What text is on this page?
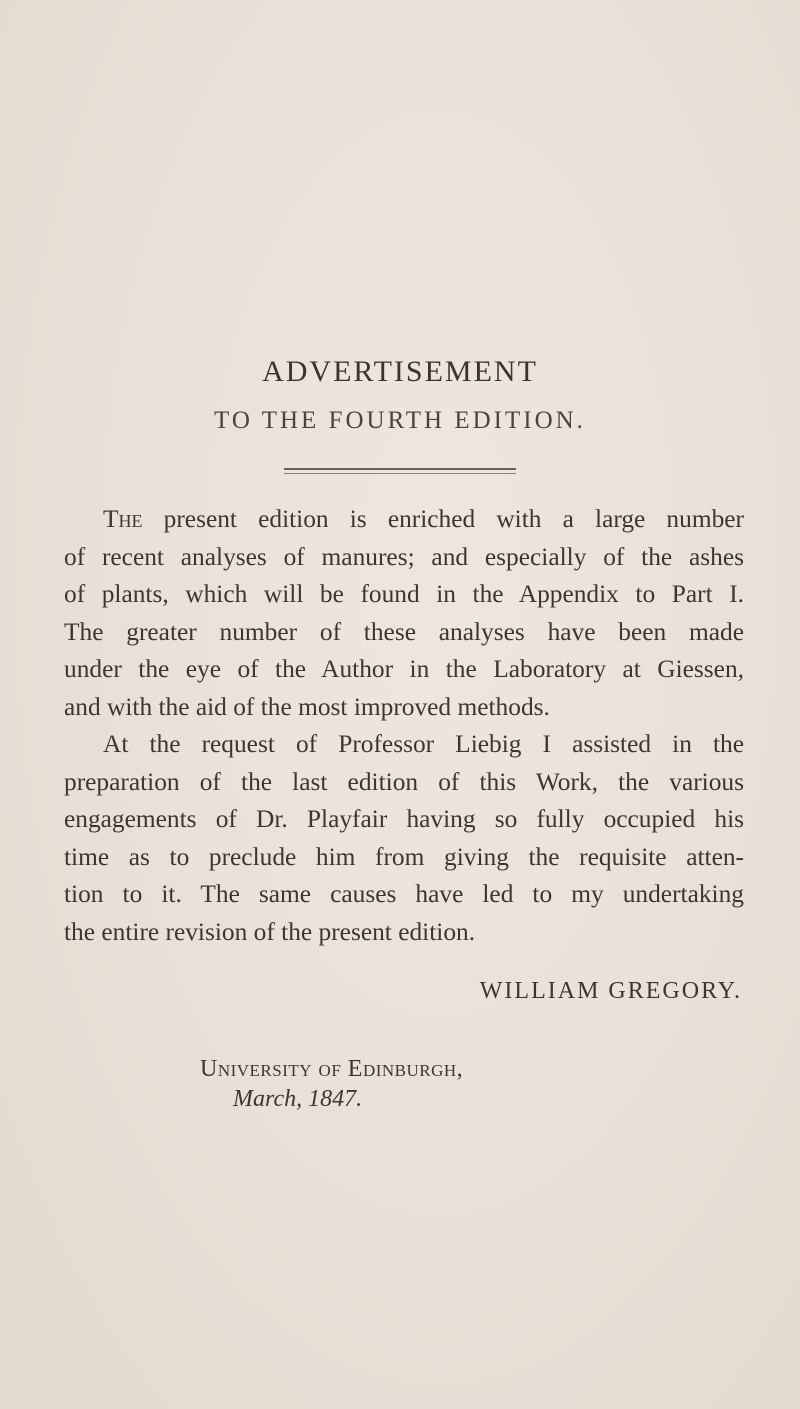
ADVERTISEMENT
TO THE FOURTH EDITION.
The present edition is enriched with a large number
of recent analyses of manures; and especially of the ashes
of plants, which will be found in the Appendix to Part I.
The greater number of these analyses have been made
under the eye of the Author in the Laboratory at Giessen,
and with the aid of the most improved methods.
At the request of Professor Liebig I assisted in the
preparation of the last edition of this Work, the various
engagements of Dr. Playfair having so fully occupied his
time as to preclude him from giving the requisite atten-
tion to it. The same causes have led to my undertaking
the entire revision of the present edition.
WILLIAM GREGORY.
University of Edinburgh,
March, 1847.
